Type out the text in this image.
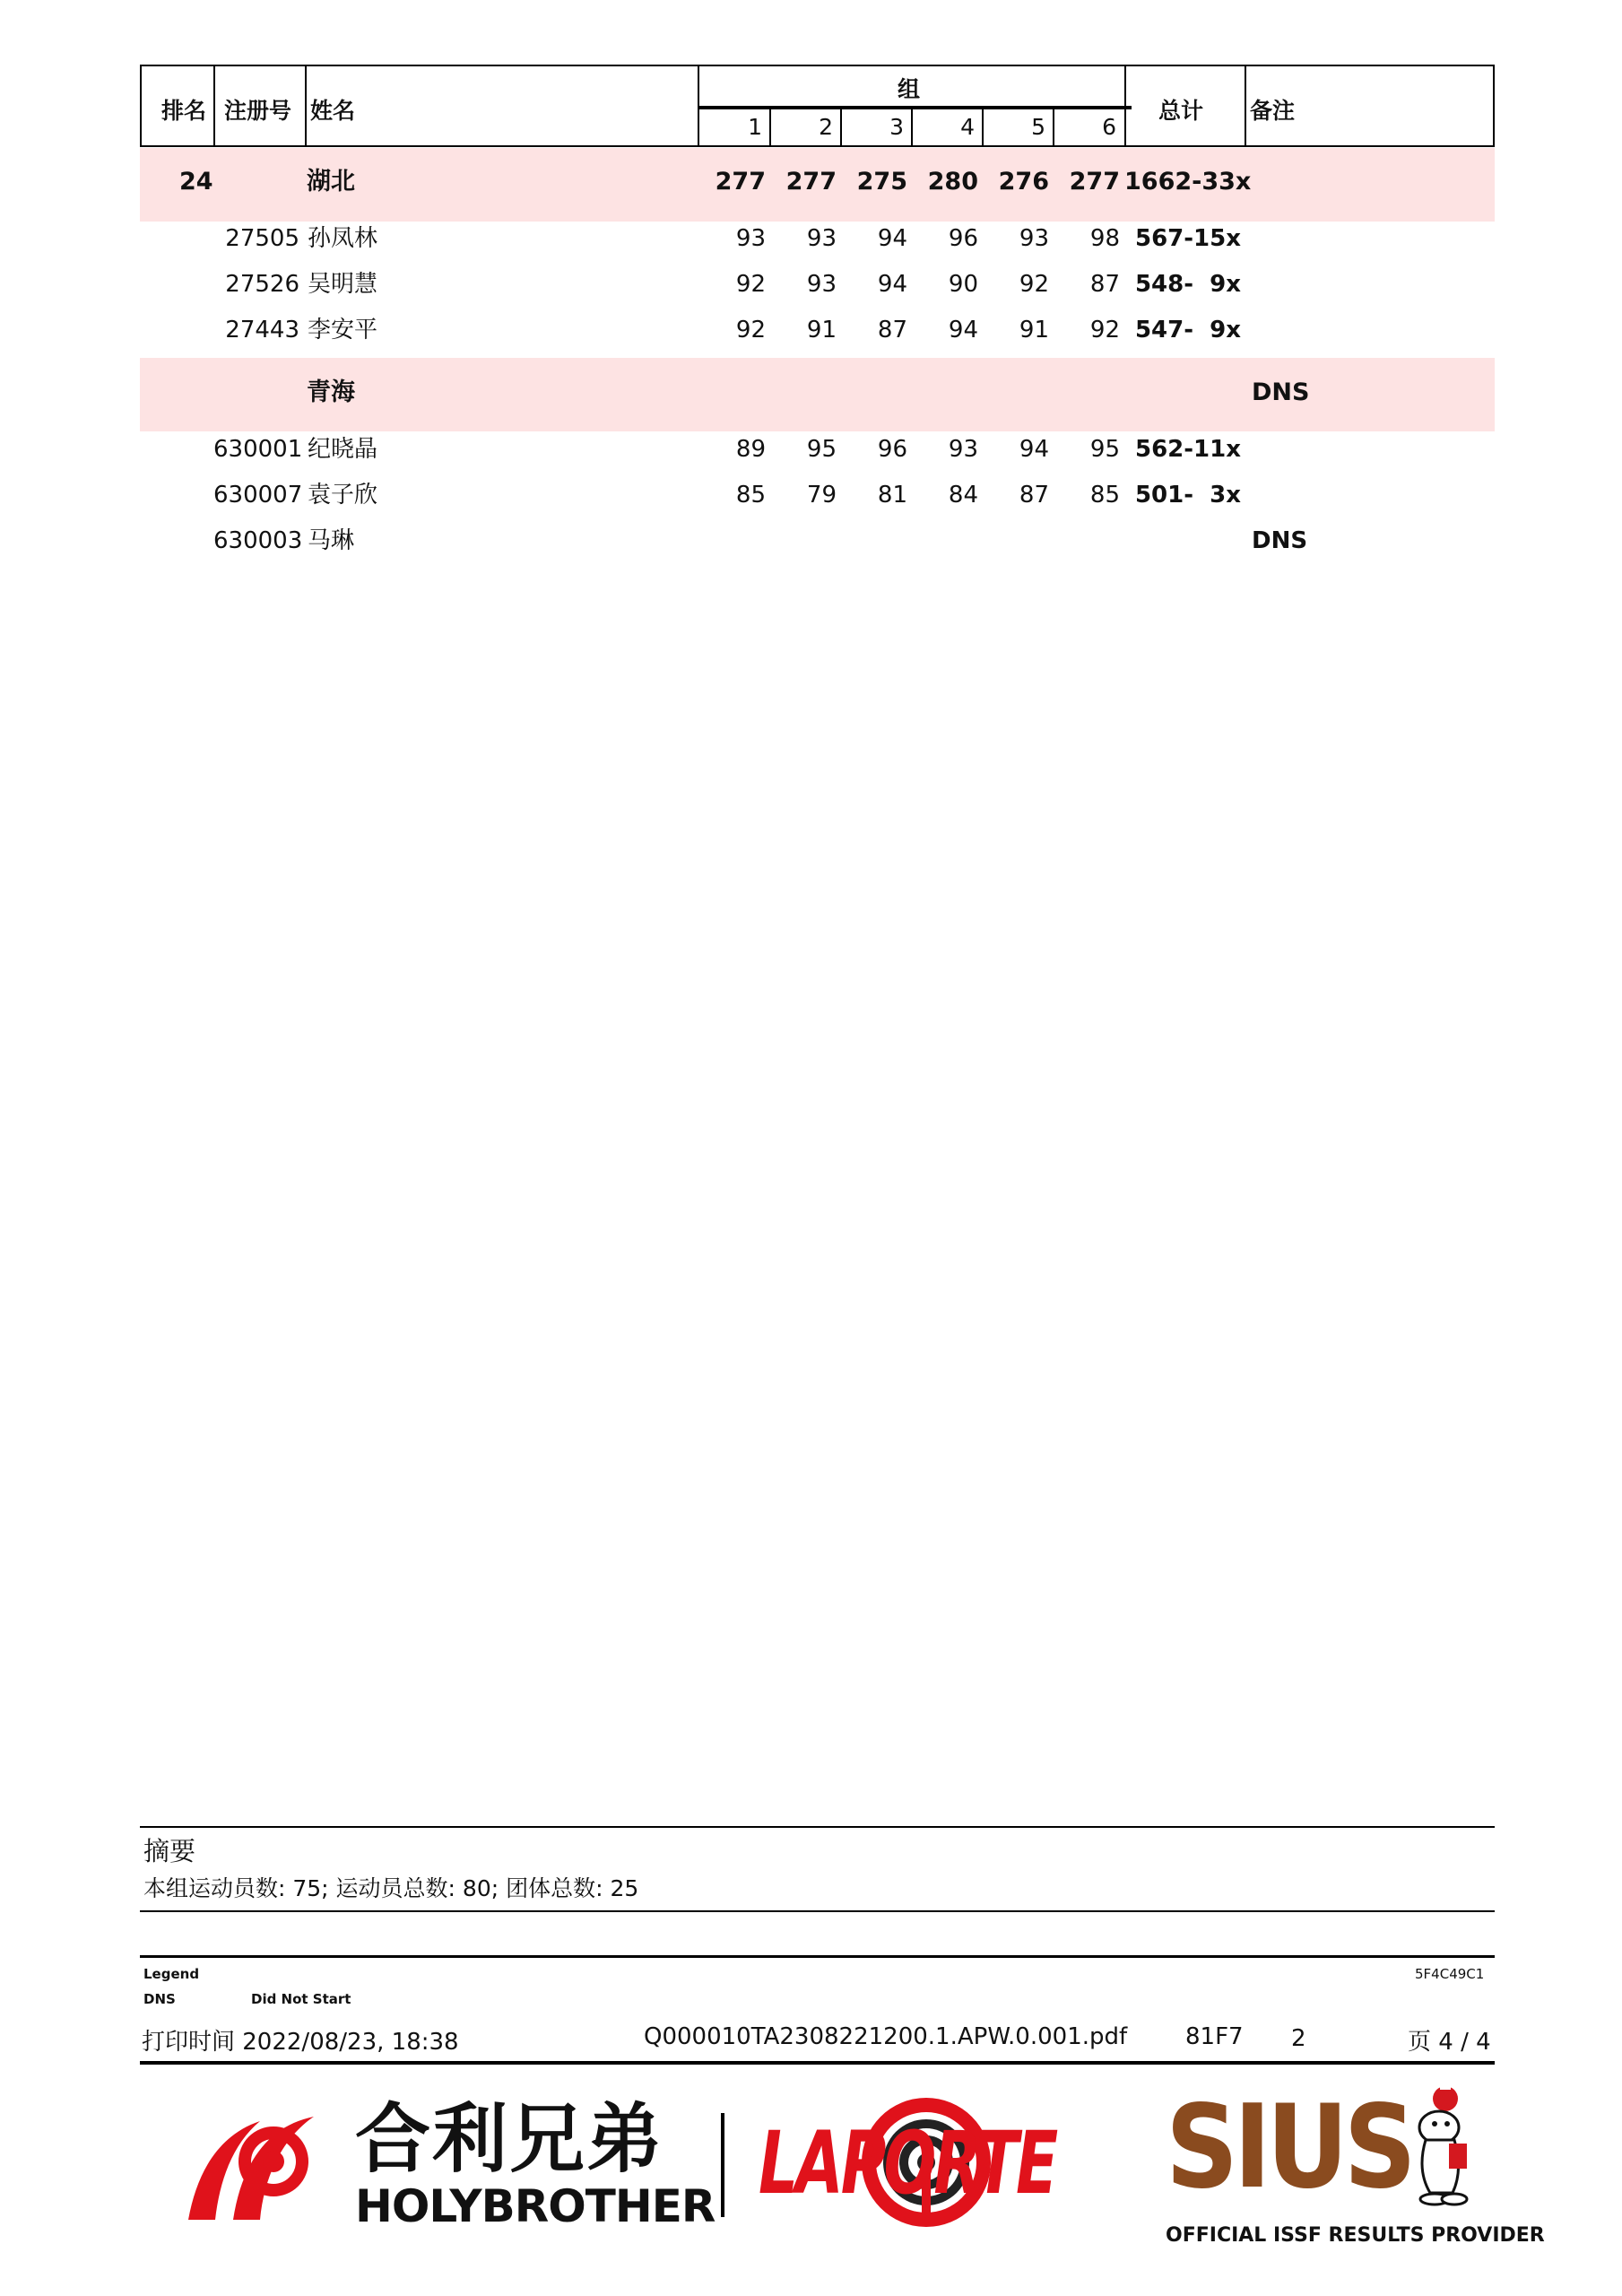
排名 注册号 姓名
组
1	2	3	4	5	6
总计 备注
24	湖北	277 277 275 280 276 277 1662-33x
27505 孙凤林	93	93	94	96	93	98 567-15x
27526 吴明慧	92	93	94	90	92	87 548-  9x
27443 李安平	92	91	87	94	91	92 547-  9x
青海	DNS
630001 纪晓晶	89	95	96	93	94	95 562-11x
630007 袁子欣	85	79	81	84	87	85 501-  3x
630003 马琳	DNS
摘要
本组运动员数: 75; 运动员总数: 80; 团体总数: 25
Legend	5F4C49C1
DNS	Did Not Start
打印时间 2022/08/23, 18:38	Q000010TA2308221200.1.APW.0.001.pdf 81F7 2	页 4 / 4
合利兄弟
HOLYBROTHER LAPORTE SIUS
OFFICIAL ISSF RESULTS PROVIDER
